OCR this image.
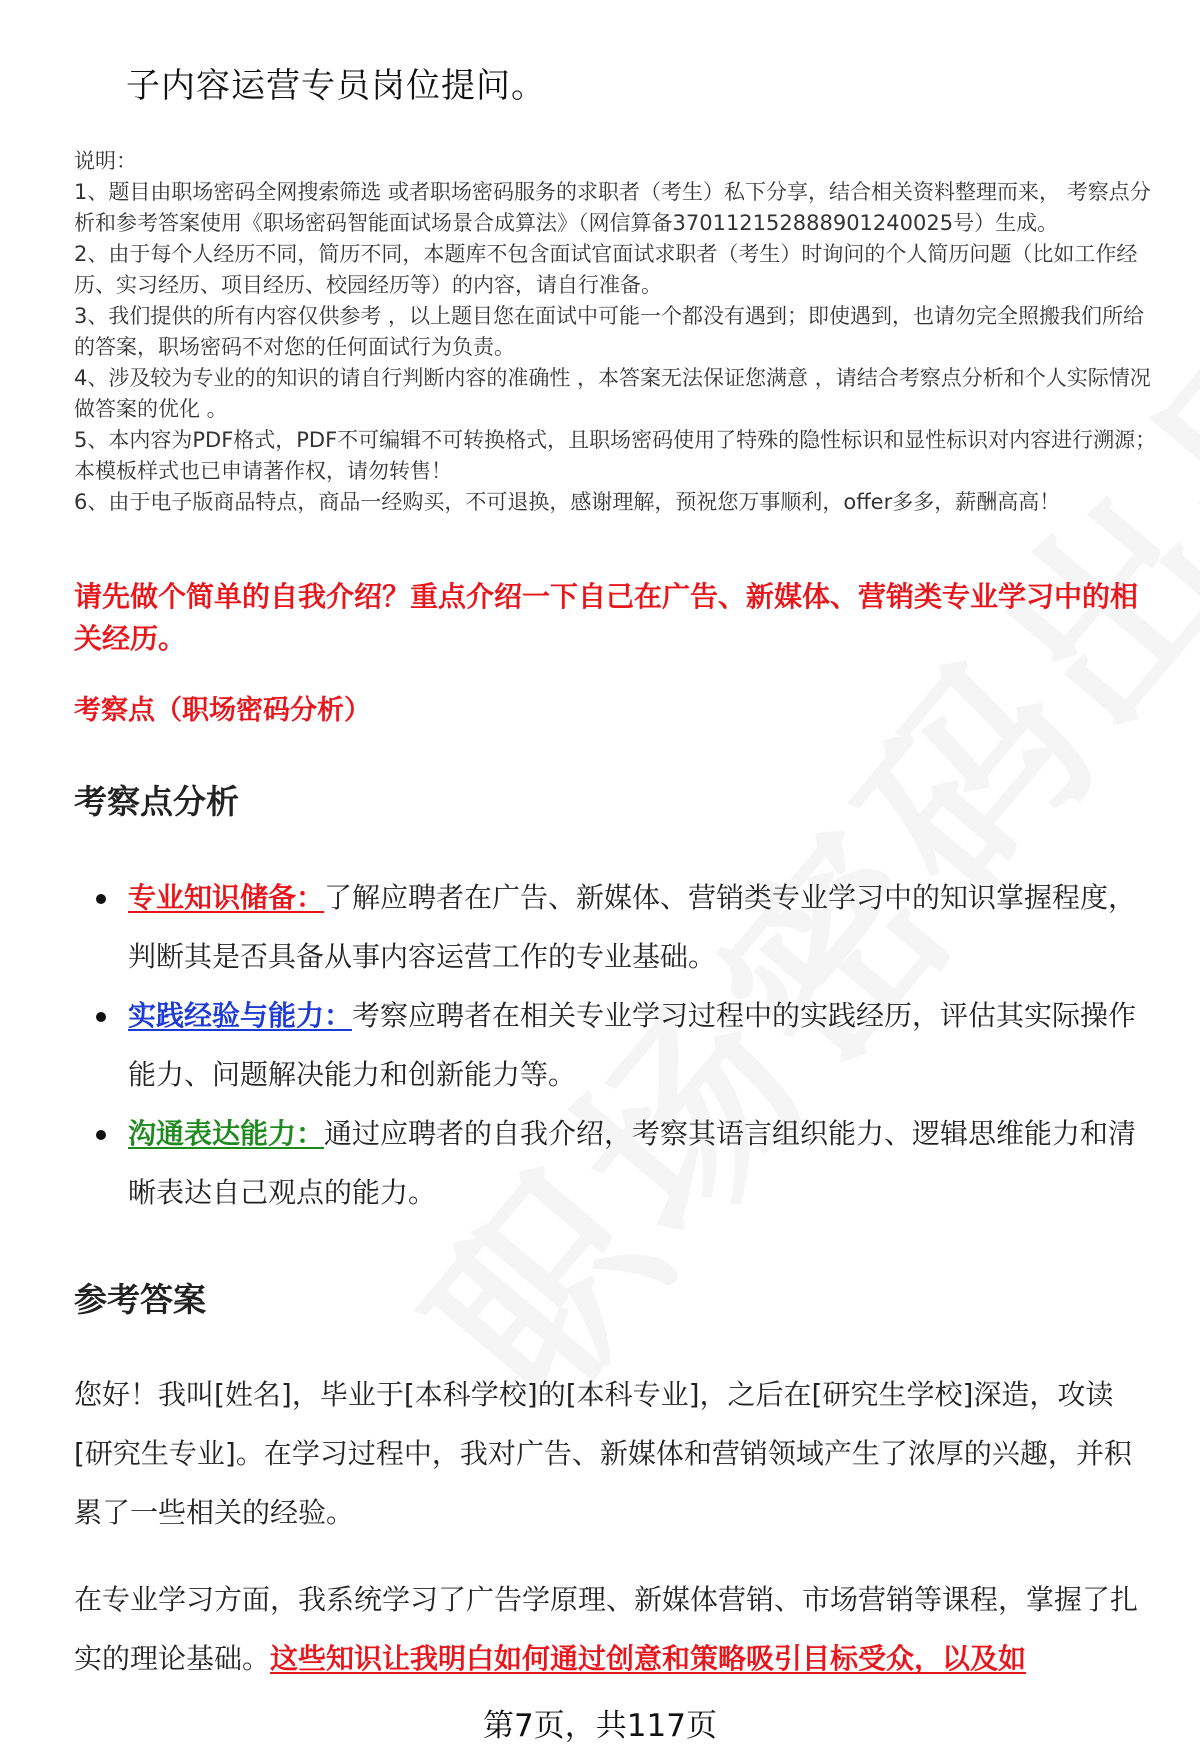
子内容运营专员岗位提问。

说明：

1、题目由职场密码全网搜索筛选 或者职场密码服务的求职者（考生）私下分享，结合相关资料整理而来， 考察点分析和参考答案使用《职场密码智能面试场景合成算法》（网信算备370112152888901240025号）生成。

2、由于每个人经历不同，简历不同，本题库不包含面试官面试求职者（考生）时询问的个人简历问题（比如工作经历、实习经历、项目经历、校园经历等）的内容，请自行准备。

3、我们提供的所有内容仅供参考 ，以上题目您在面试中可能一个都没有遇到；即使遇到，也请勿完全照搬我们所给的答案，职场密码不对您的任何面试行为负责。

4、涉及较为专业的的知识的请自行判断内容的准确性 ，本答案无法保证您满意 ，请结合考察点分析和个人实际情况做答案的优化 。

5、本内容为PDF格式，PDF不可编辑不可转换格式，且职场密码使用了特殊的隐性标识和显性标识对内容进行溯源；本模板样式也已申请著作权，请勿转售！

6、由于电子版商品特点，商品一经购买，不可退换，感谢理解，预祝您万事顺利，offer多多，薪酬高高！

请先做个简单的自我介绍？重点介绍一下自己在广告、新媒体、营销类专业学习中的相关经历。
考察点（职场密码分析）
考察点分析
专业知识储备：了解应聘者在广告、新媒体、营销类专业学习中的知识掌握程度，判断其是否具备从事内容运营工作的专业基础。
实践经验与能力：考察应聘者在相关专业学习过程中的实践经历，评估其实际操作能力、问题解决能力和创新能力等。
沟通表达能力：通过应聘者的自我介绍，考察其语言组织能力、逻辑思维能力和清晰表达自己观点的能力。
参考答案
您好！我叫[姓名]，毕业于[本科学校]的[本科专业]，之后在[研究生学校]深造，攻读[研究生专业]。在学习过程中，我对广告、新媒体和营销领域产生了浓厚的兴趣，并积累了一些相关的经验。
在专业学习方面，我系统学习了广告学原理、新媒体营销、市场营销等课程，掌握了扎实的理论基础。这些知识让我明白如何通过创意和策略吸引目标受众，以及如
第7页，共117页
